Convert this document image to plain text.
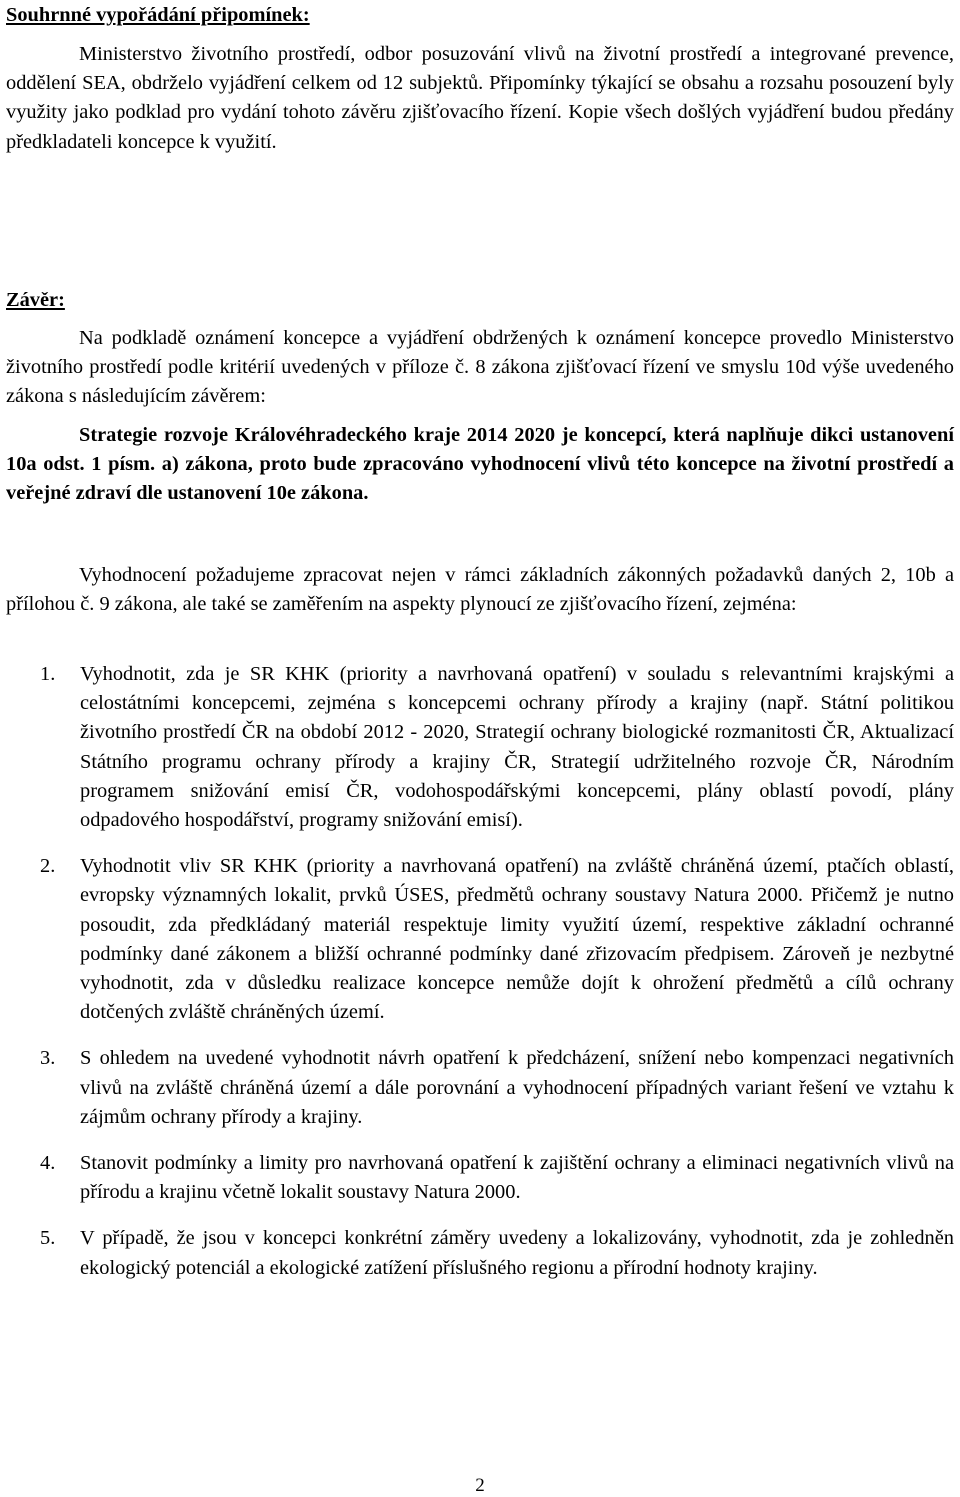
Souhrnné vypořádání připomínek:

Ministerstvo životního prostředí, odbor posuzování vlivů na životní prostředí a integrované prevence, oddělení SEA, obdrželo vyjádření celkem od 12 subjektů. Připomínky týkající se obsahu a rozsahu posouzení byly využity jako podklad pro vydání tohoto závěru zjišťovacího řízení. Kopie všech došlých vyjádření budou předány předkladateli koncepce k využití.

Závěr:

Na podkladě oznámení koncepce a vyjádření obdržených k oznámení koncepce provedlo Ministerstvo životního prostředí podle kritérií uvedených v příloze č. 8 zákona zjišťovací řízení ve smyslu 10d výše uvedeného zákona s následujícím závěrem:

Strategie rozvoje Královéhradeckého kraje 2014 2020 je koncepcí, která naplňuje dikci ustanovení 10a odst. 1 písm. a) zákona, proto bude zpracováno vyhodnocení vlivů této koncepce na životní prostředí a veřejné zdraví dle ustanovení 10e zákona.

Vyhodnocení požadujeme zpracovat nejen v rámci základních zákonných požadavků daných 2, 10b a přílohou č. 9 zákona, ale také se zaměřením na aspekty plynoucí ze zjišťovacího řízení, zejména:

1. Vyhodnotit, zda je SR KHK (priority a navrhovaná opatření) v souladu s relevantními krajskými a celostátními koncepcemi, zejména s koncepcemi ochrany přírody a krajiny (např. Státní politikou životního prostředí ČR na období 2012 - 2020, Strategií ochrany biologické rozmanitosti ČR, Aktualizací Státního programu ochrany přírody a krajiny ČR, Strategií udržitelného rozvoje ČR, Národním programem snižování emisí ČR, vodohospodářskými koncepcemi, plány oblastí povodí, plány odpadového hospodářství, programy snižování emisí).
2. Vyhodnotit vliv SR KHK (priority a navrhovaná opatření) na zvláště chráněná území, ptačích oblastí, evropsky významných lokalit, prvků ÚSES, předmětů ochrany soustavy Natura 2000. Přičemž je nutno posoudit, zda předkládaný materiál respektuje limity využití území, respektive základní ochranné podmínky dané zákonem a bližší ochranné podmínky dané zřizovacím předpisem. Zároveň je nezbytné vyhodnotit, zda v důsledku realizace koncepce nemůže dojít k ohrožení předmětů a cílů ochrany dotčených zvláště chráněných území.
3. S ohledem na uvedené vyhodnotit návrh opatření k předcházení, snížení nebo kompenzaci negativních vlivů na zvláště chráněná území a dále porovnání a vyhodnocení případných variant řešení ve vztahu k zájmům ochrany přírody a krajiny.
4. Stanovit podmínky a limity pro navrhovaná opatření k zajištění ochrany a eliminaci negativních vlivů na přírodu a krajinu včetně lokalit soustavy Natura 2000.
5. V případě, že jsou v koncepci konkrétní záměry uvedeny a lokalizovány, vyhodnotit, zda je zohledněn ekologický potenciál a ekologické zatížení příslušného regionu a přírodní hodnoty krajiny.
2
